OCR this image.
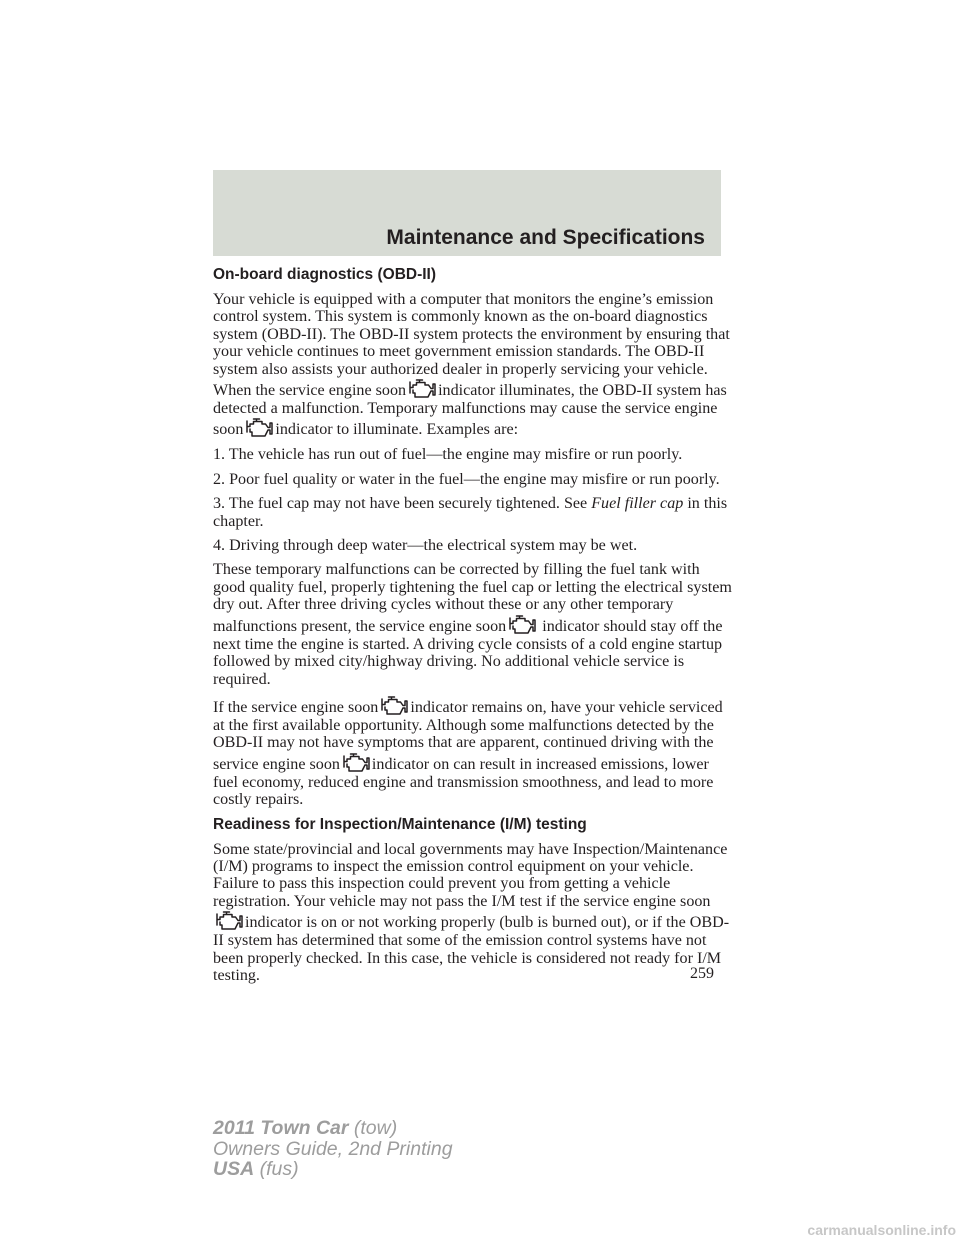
Maintenance and Specifications
On-board diagnostics (OBD-II)

Your vehicle is equipped with a computer that monitors the engine’s emission control system. This system is commonly known as the on-board diagnostics system (OBD-II). The OBD-II system protects the environment by ensuring that your vehicle continues to meet government emission standards. The OBD-II system also assists your authorized dealer in properly servicing your vehicle. When the service engine soon indicator illuminates, the OBD-II system has detected a malfunction. Temporary malfunctions may cause the service engine soon indicator to illuminate. Examples are:

1. The vehicle has run out of fuel—the engine may misfire or run poorly.

2. Poor fuel quality or water in the fuel—the engine may misfire or run poorly.

3. The fuel cap may not have been securely tightened. See Fuel filler cap in this chapter.

4. Driving through deep water—the electrical system may be wet.

These temporary malfunctions can be corrected by filling the fuel tank with good quality fuel, properly tightening the fuel cap or letting the electrical system dry out. After three driving cycles without these or any other temporary malfunctions present, the service engine soon indicator should stay off the next time the engine is started. A driving cycle consists of a cold engine startup followed by mixed city/highway driving. No additional vehicle service is required.

If the service engine soon indicator remains on, have your vehicle serviced at the first available opportunity. Although some malfunctions detected by the OBD-II may not have symptoms that are apparent, continued driving with the service engine soon indicator on can result in increased emissions, lower fuel economy, reduced engine and transmission smoothness, and lead to more costly repairs.

Readiness for Inspection/Maintenance (I/M) testing

Some state/provincial and local governments may have Inspection/Maintenance (I/M) programs to inspect the emission control equipment on your vehicle. Failure to pass this inspection could prevent you from getting a vehicle registration. Your vehicle may not pass the I/M test if the service engine soon
indicator is on or not working properly (bulb is burned out), or if the OBD-II system has determined that some of the emission control systems have not been properly checked. In this case, the vehicle is considered not ready for I/M testing.	259
2011 Town Car (tow)
Owners Guide, 2nd Printing
USA (fus)
carmanualsonline.info
